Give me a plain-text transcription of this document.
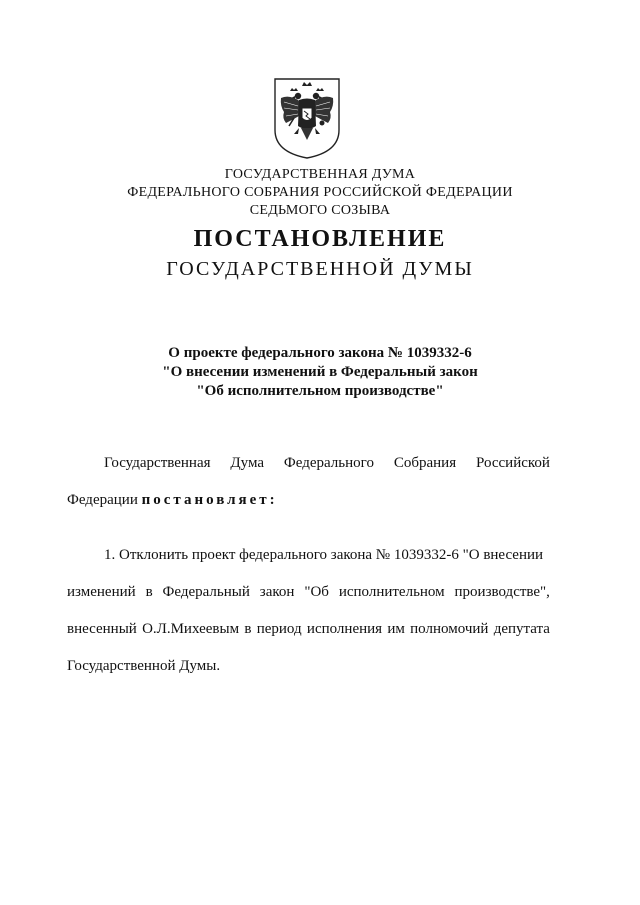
ГОСУДАРСТВЕННАЯ ДУМА
ФЕДЕРАЛЬНОГО СОБРАНИЯ РОССИЙСКОЙ ФЕДЕРАЦИИ
СЕДЬМОГО СОЗЫВА
ПОСТАНОВЛЕНИЕ
ГОСУДАРСТВЕННОЙ ДУМЫ
О проекте федерального закона № 1039332-6
"О внесении изменений в Федеральный закон
"Об исполнительном производстве"
Государственная Дума Федерального Собрания Российской
Федерации постановляет:
1. Отклонить проект федерального закона № 1039332-6 "О внесении
изменений в Федеральный закон "Об исполнительном производстве",
внесенный О.Л.Михеевым в период исполнения им полномочий депутата
Государственной Думы.
